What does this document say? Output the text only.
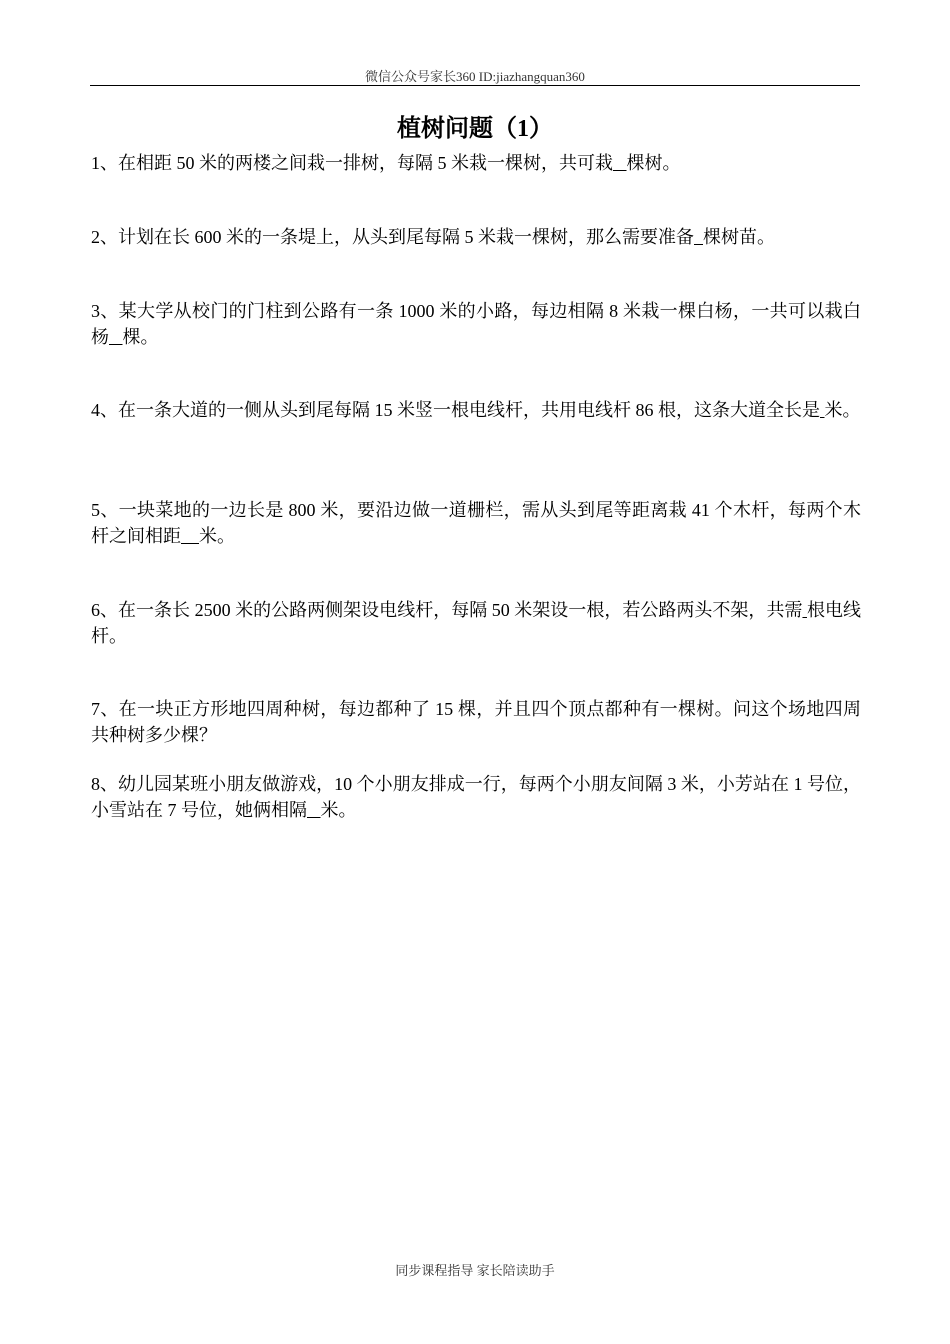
微信公众号家长360 ID:jiazhangquan360
植树问题（1）
1、在相距 50 米的两楼之间栽一排树，每隔 5 米栽一棵树，共可栽 棵树。
2、计划在长 600 米的一条堤上，从头到尾每隔 5 米栽一棵树，那么需要准备 棵树苗。
3、某大学从校门的门柱到公路有一条 1000 米的小路，每边相隔 8 米栽一棵白杨，一共可以栽白杨 棵。
4、在一条大道的一侧从头到尾每隔 15 米竖一根电线杆，共用电线杆 86 根，这条大道全长是 米。
5、一块菜地的一边长是 800 米，要沿边做一道栅栏，需从头到尾等距离栽 41 个木杆，每两个木杆之间相距 米。
6、在一条长 2500 米的公路两侧架设电线杆，每隔 50 米架设一根，若公路两头不架，共需 根电线杆。
7、在一块正方形地四周种树，每边都种了 15 棵，并且四个顶点都种有一棵树。问这个场地四周共种树多少棵？
8、幼儿园某班小朋友做游戏，10 个小朋友排成一行，每两个小朋友间隔 3 米，小芳站在 1 号位，小雪站在 7 号位，她俩相隔 米。
同步课程指导 家长陪读助手
